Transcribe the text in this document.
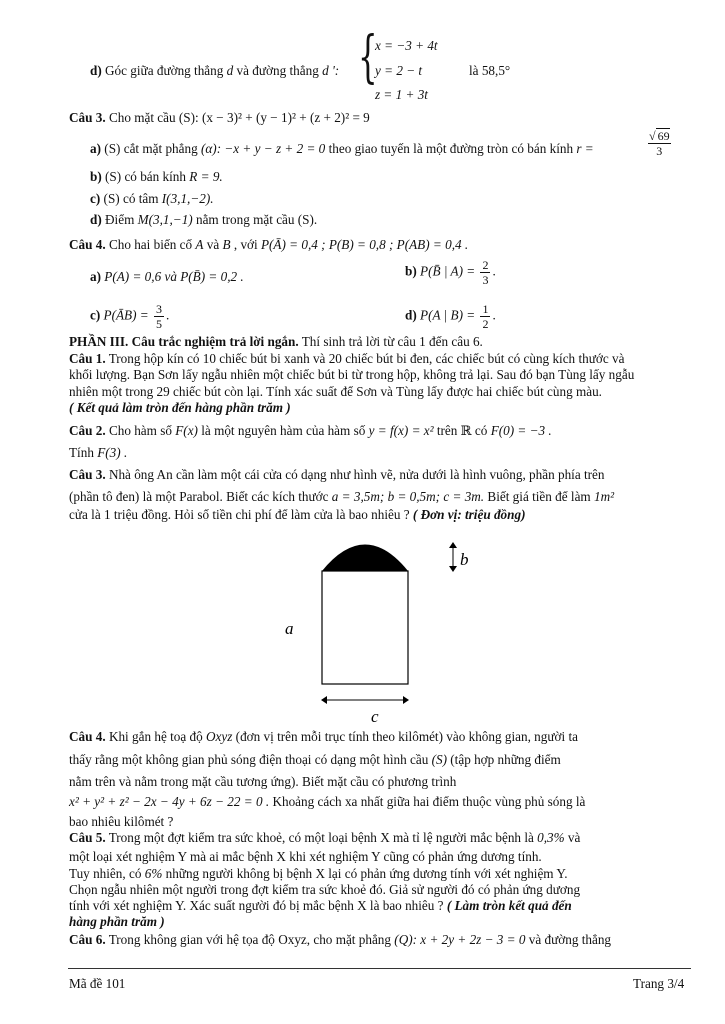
d) Góc giữa đường thẳng d và đường thẳng d ': {
x = −3 + 4t
y = 2 − t
z = 1 + 3t
là 58,5°
Câu 3. Cho mặt cầu (S): (x − 3)² + (y − 1)² + (z + 2)² = 9
a) (S) cắt mặt phẳng (α): −x + y − z + 2 = 0 theo giao tuyến là một đường tròn có bán kính r =
√ 69
3
b) (S) có bán kính R = 9.
c) (S) có tâm I(3,1,−2).
d) Điểm M(3,1,−1) nằm trong mặt cầu (S).
Câu 4. Cho hai biến cố A và B , với P(Ā) = 0,4 ; P(B) = 0,8 ; P(AB) = 0,4 .
a) P(A) = 0,6 và P(B̄) = 0,2 .	b) P(B̄ | $A) = \frac{2}{3}$ .
c) P(ĀB) = $\frac{3}{5}$ .	d) P(A | $B) = \frac{1}{2}$ .
PHẦN III. Câu trắc nghiệm trả lời ngắn. Thí sinh trả lời từ câu 1 đến câu 6.
Câu 1. Trong hộp kín có 10 chiếc bút bi xanh và 20 chiếc bút bi đen, các chiếc bút có cùng kích thước và
khối lượng. Bạn Sơn lấy ngẫu nhiên một chiếc bút bi từ trong hộp, không trả lại. Sau đó bạn Tùng lấy ngẫu
nhiên một trong 29 chiếc bút còn lại. Tính xác suất để Sơn và Tùng lấy được hai chiếc bút cùng màu.
( Kết quả làm tròn đến hàng phần trăm )
Câu 2. Cho hàm số F(x) là một nguyên hàm của hàm số y = f(x) = x² trên ℝ có F(0) = −3 .
Tính F(3) .
Câu 3. Nhà ông An cần làm một cái cửa có dạng như hình vẽ, nửa dưới là hình vuông, phần phía trên
(phần tô đen) là một Parabol. Biết các kích thước a = 3,5m; b = 0,5m; c = 3m. Biết giá tiền để làm 1m²
cửa là 1 triệu đồng. Hỏi số tiền chi phí để làm cửa là bao nhiêu ? ( Đơn vị: triệu đồng)
a
b
c
Câu 4. Khi gắn hệ toạ độ Oxyz (đơn vị trên mỗi trục tính theo kilômét) vào không gian, người ta
thấy rằng một không gian phủ sóng điện thoại có dạng một hình cầu (S) (tập hợp những điểm
nằm trên và nằm trong mặt cầu tương ứng). Biết mặt cầu có phương trình
x² + y² + z² − 2x − 4y + 6z − 22 = 0 . Khoảng cách xa nhất giữa hai điểm thuộc vùng phủ sóng là
bao nhiêu kilômét ?
Câu 5. Trong một đợt kiểm tra sức khoẻ, có một loại bệnh X mà tỉ lệ người mắc bệnh là 0,3% và
một loại xét nghiệm Y mà ai mắc bệnh X khi xét nghiệm Y cũng có phản ứng dương tính.
Tuy nhiên, có 6% những người không bị bệnh X lại có phản ứng dương tính với xét nghiệm Y.
Chọn ngẫu nhiên một người trong đợt kiểm tra sức khoẻ đó. Giả sử người đó có phản ứng dương
tính với xét nghiệm Y. Xác suất người đó bị mắc bệnh X là bao nhiêu ? ( Làm tròn kết quả đến
hàng phần trăm )
Câu 6. Trong không gian với hệ tọa độ Oxyz, cho mặt phẳng (Q): x + 2y + 2z − 3 = 0 và đường thẳng
Mã đề 101	Trang 3/4
